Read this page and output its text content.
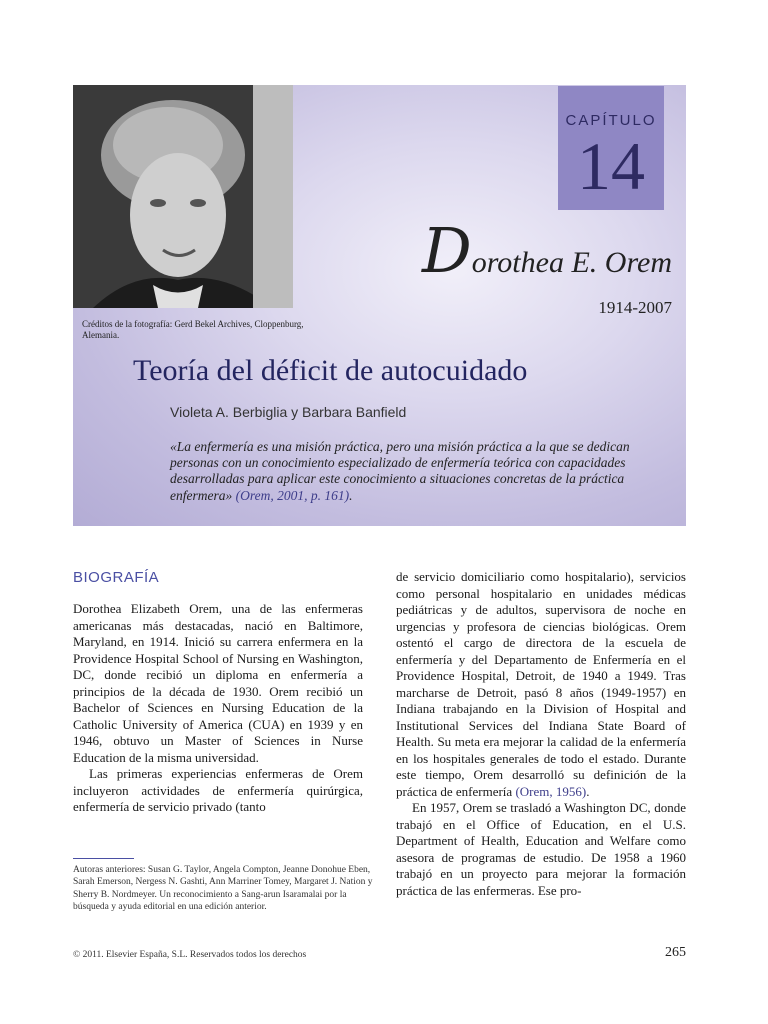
Créditos de la fotografía: Gerd Bekel Archives, Cloppenburg, Alemania.
CAPÍTULO
14
Dorothea E. Orem
1914-2007
Teoría del déficit de autocuidado
Violeta A. Berbiglia y Barbara Banfield
«La enfermería es una misión práctica, pero una misión práctica a la que se dedican personas con un conocimiento especializado de enfermería teórica con capacidades desarrolladas para aplicar este conocimiento a situaciones concretas de la práctica enfermera» (Orem, 2001, p. 161).
BIOGRAFÍA

Dorothea Elizabeth Orem, una de las enfermeras americanas más destacadas, nació en Baltimore, Maryland, en 1914. Inició su carrera enfermera en la Providence Hospital School of Nursing en Washington, DC, donde recibió un diploma en enfermería a principios de la década de 1930. Orem recibió un Bachelor of Sciences en Nursing Education de la Catholic University of America (CUA) en 1939 y en 1946, obtuvo un Master of Sciences in Nurse Education de la misma universidad.

Las primeras experiencias enfermeras de Orem incluyeron actividades de enfermería quirúrgica, enfermería de servicio privado (tanto

de servicio domiciliario como hospitalario), servicios como personal hospitalario en unidades médicas pediátricas y de adultos, supervisora de noche en urgencias y profesora de ciencias biológicas. Orem ostentó el cargo de directora de la escuela de enfermería y del Departamento de Enfermería en el Providence Hospital, Detroit, de 1940 a 1949. Tras marcharse de Detroit, pasó 8 años (1949-1957) en Indiana trabajando en la Division of Hospital and Institutional Services del Indiana State Board of Health. Su meta era mejorar la calidad de la enfermería en los hospitales generales de todo el estado. Durante este tiempo, Orem desarrolló su definición de la práctica de enfermería (Orem, 1956).

En 1957, Orem se trasladó a Washington DC, donde trabajó en el Office of Education, en el U.S. Department of Health, Education and Welfare como asesora de programas de estudio. De 1958 a 1960 trabajó en un proyecto para mejorar la formación práctica de las enfermeras. Ese pro-

Autoras anteriores: Susan G. Taylor, Angela Compton, Jeanne Donohue Eben, Sarah Emerson, Nergess N. Gashti, Ann Marriner Tomey, Margaret J. Nation y Sherry B. Nordmeyer. Un reconocimiento a Sang-arun Isaramalai por la búsqueda y ayuda editorial en una edición anterior.
© 2011. Elsevier España, S.L. Reservados todos los derechos	265
